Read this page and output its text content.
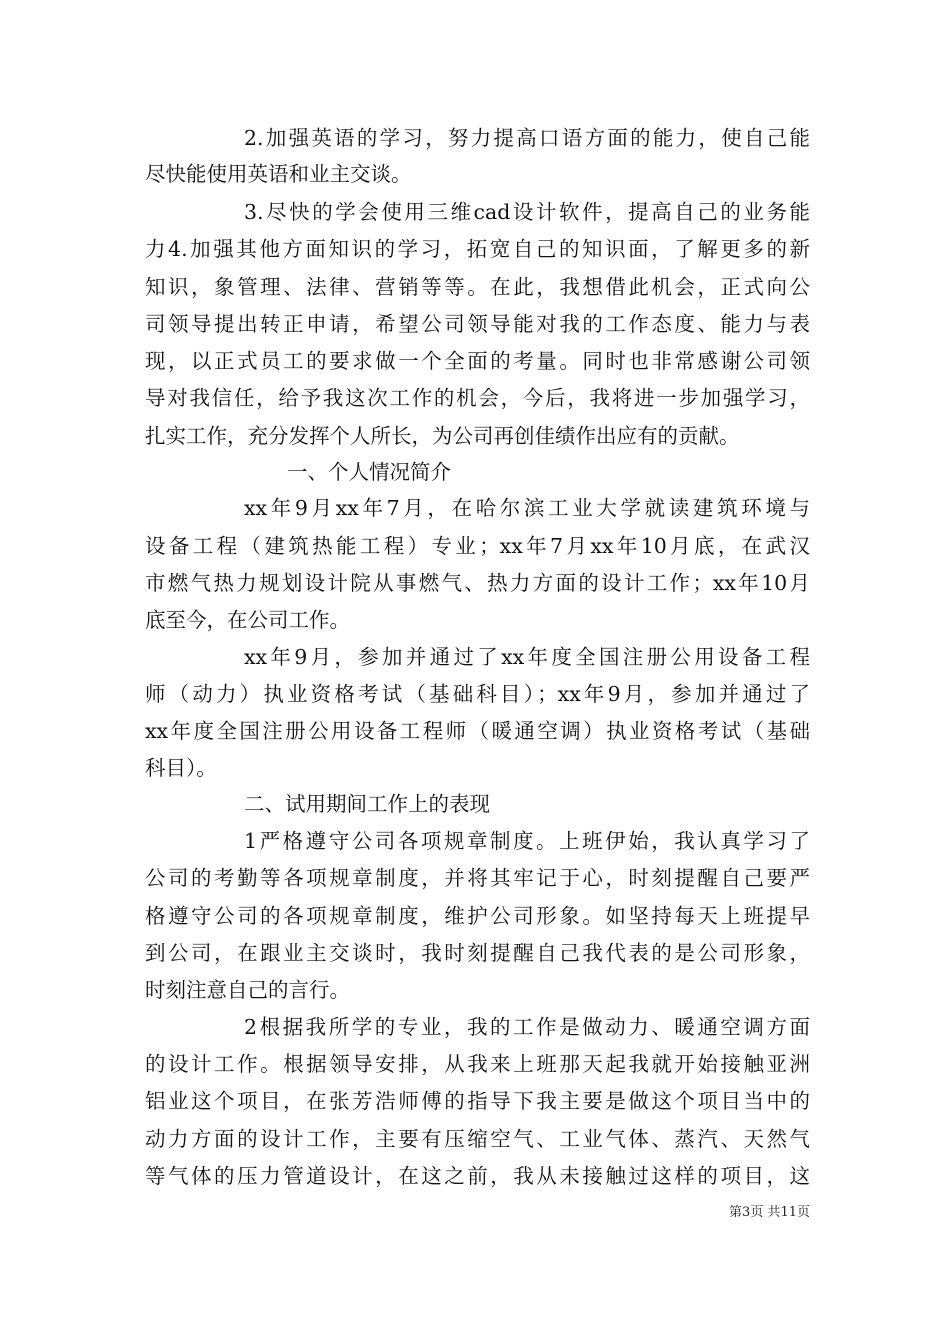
2.加强英语的学习，努力提高口语方面的能力，使自己能
尽快能使用英语和业主交谈。
3.尽快的学会使用三维cad设计软件，提高自己的业务能
力4.加强其他方面知识的学习，拓宽自己的知识面，了解更多的新
知识，象管理、法律、营销等等。在此，我想借此机会，正式向公
司领导提出转正申请，希望公司领导能对我的工作态度、能力与表
现，以正式员工的要求做一个全面的考量。同时也非常感谢公司领
导对我信任，给予我这次工作的机会，今后，我将进一步加强学习，
扎实工作，充分发挥个人所长，为公司再创佳绩作出应有的贡献。
一、个人情况简介
xx年9月xx年7月，在哈尔滨工业大学就读建筑环境与
设备工程（建筑热能工程）专业；xx年7月xx年10月底，在武汉
市燃气热力规划设计院从事燃气、热力方面的设计工作；xx年10月
底至今，在公司工作。
xx年9月，参加并通过了xx年度全国注册公用设备工程
师（动力）执业资格考试（基础科目）；xx年9月，参加并通过了
xx年度全国注册公用设备工程师（暖通空调）执业资格考试（基础
科目）。
二、试用期间工作上的表现
1严格遵守公司各项规章制度。上班伊始，我认真学习了
公司的考勤等各项规章制度，并将其牢记于心，时刻提醒自己要严
格遵守公司的各项规章制度，维护公司形象。如坚持每天上班提早
到公司，在跟业主交谈时，我时刻提醒自己我代表的是公司形象，
时刻注意自己的言行。
2根据我所学的专业，我的工作是做动力、暖通空调方面
的设计工作。根据领导安排，从我来上班那天起我就开始接触亚洲
铝业这个项目，在张芳浩师傅的指导下我主要是做这个项目当中的
动力方面的设计工作，主要有压缩空气、工业气体、蒸汽、天然气
等气体的压力管道设计，在这之前，我从未接触过这样的项目，这
第3页 共11页
